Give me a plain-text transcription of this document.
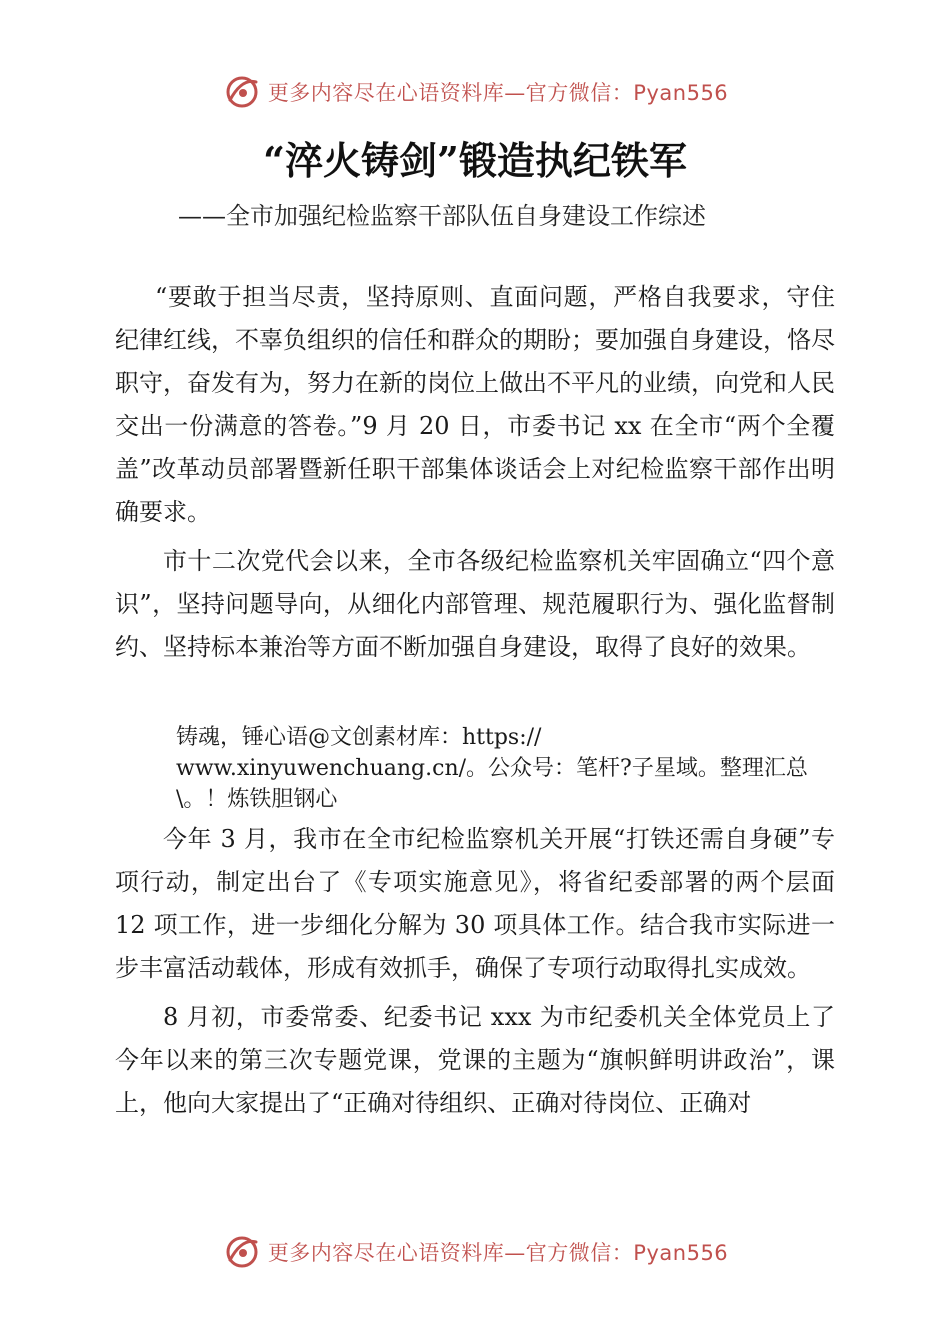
更多内容尽在心语资料库—官方微信：Pyan556
“淬火铸剑”锻造执纪铁军
——全市加强纪检监察干部队伍自身建设工作综述

“要敢于担当尽责，坚持原则、直面问题，严格自我要求，守住纪律红线，不辜负组织的信任和群众的期盼；要加强自身建设，恪尽职守，奋发有为，努力在新的岗位上做出不平凡的业绩，向党和人民交出一份满意的答卷。”9 月 20 日，市委书记 xx 在全市“两个全覆盖”改革动员部署暨新任职干部集体谈话会上对纪检监察干部作出明确要求。

市十二次党代会以来，全市各级纪检监察机关牢固确立“四个意识”，坚持问题导向，从细化内部管理、规范履职行为、强化监督制约、坚持标本兼治等方面不断加强自身建设，取得了良好的效果。

铸魂，锤心语@文创素材库：https://
www.xinyuwenchuang.cn/。公众号：笔杆?子星域。整理汇总
\。！炼铁胆钢心

今年 3 月，我市在全市纪检监察机关开展“打铁还需自身硬”专项行动，制定出台了《专项实施意见》，将省纪委部署的两个层面 12 项工作，进一步细化分解为 30 项具体工作。结合我市实际进一步丰富活动载体，形成有效抓手，确保了专项行动取得扎实成效。

8 月初，市委常委、纪委书记 xxx 为市纪委机关全体党员上了今年以来的第三次专题党课，党课的主题为“旗帜鲜明讲政治”，课上，他向大家提出了“正确对待组织、正确对待岗位、正确对

更多内容尽在心语资料库—官方微信：Pyan556
